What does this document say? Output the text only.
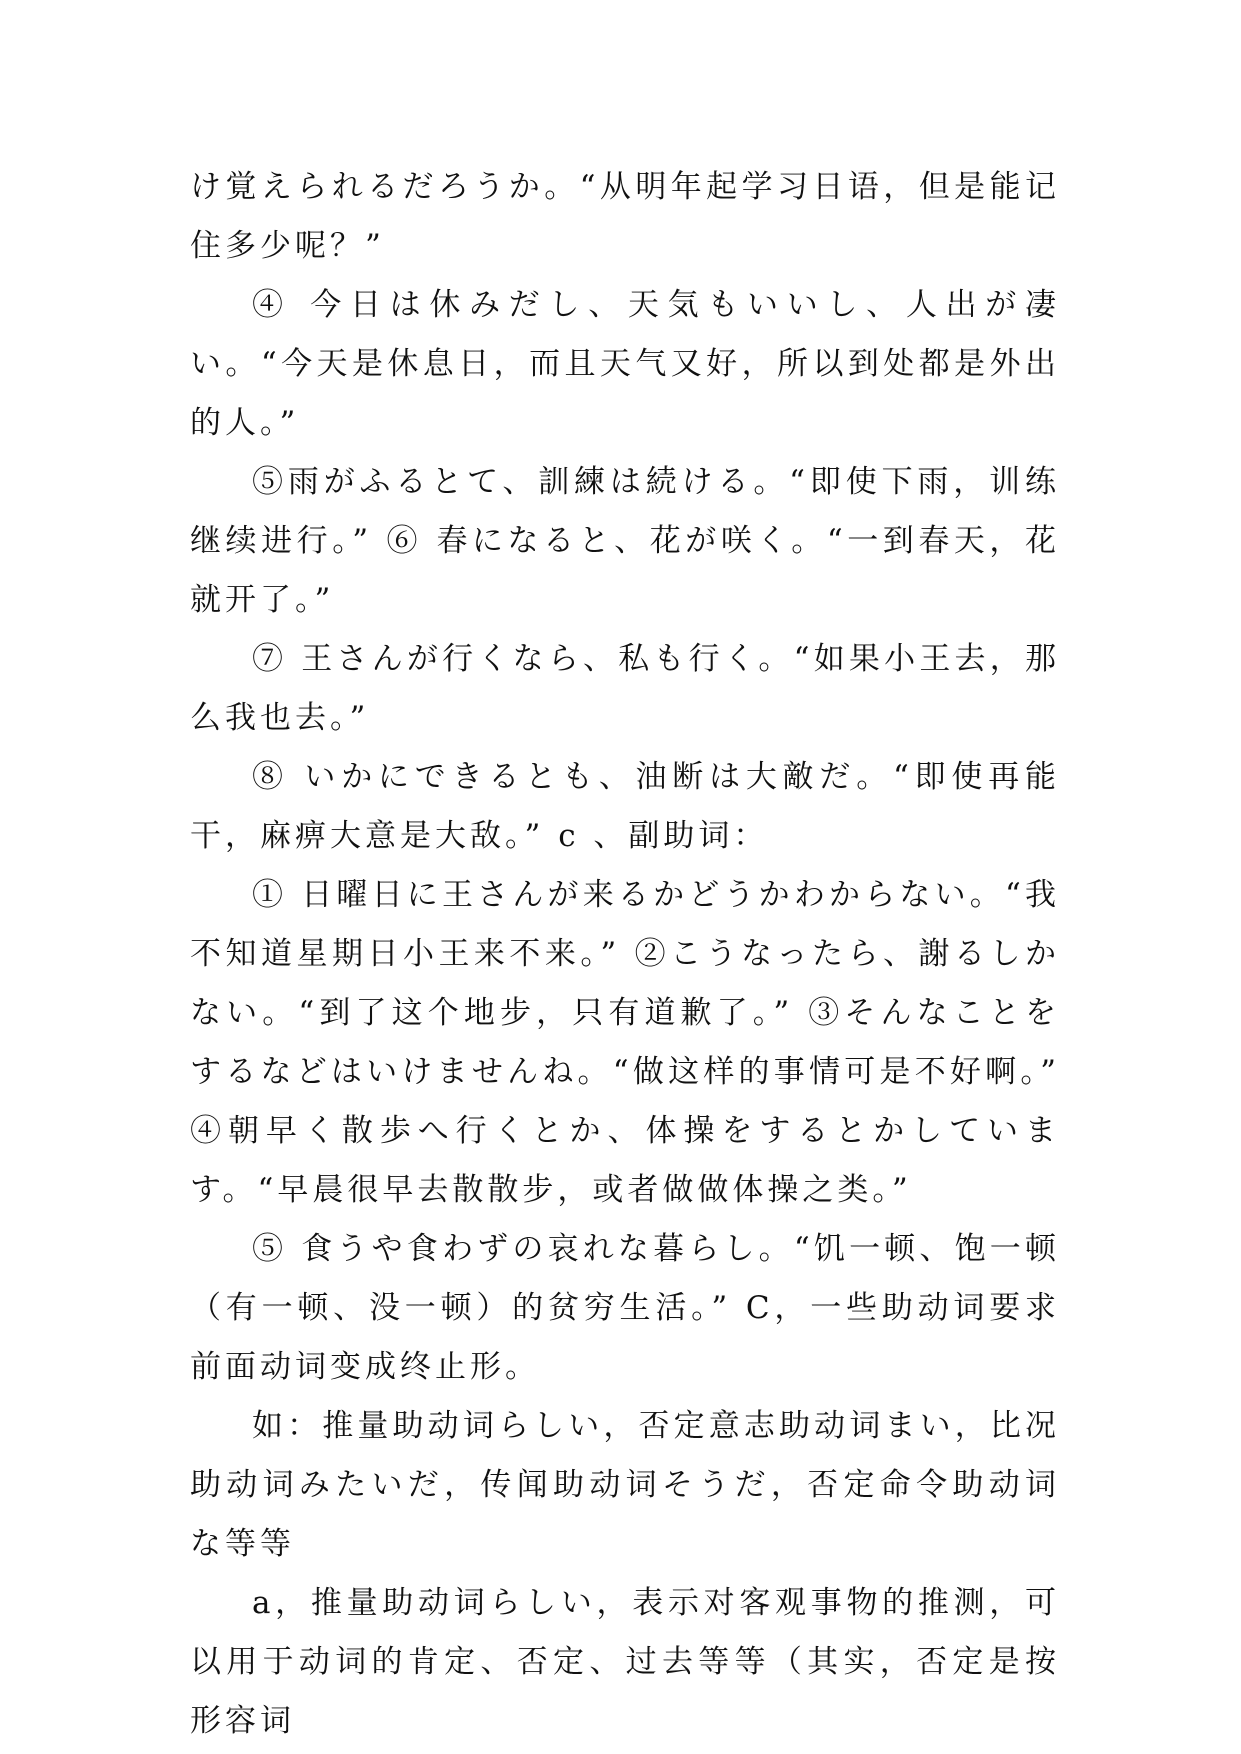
け覚えられるだろうか。“从明年起学习日语，但是能记住多少呢？”

④ 今日は休みだし、天気もいいし、人出が凄い。“今天是休息日，而且天气又好，所以到处都是外出的人。”

⑤雨がふるとて、訓練は続ける。“即使下雨，训练继续进行。” ⑥ 春になると、花が咲く。“一到春天，花就开了。”

⑦ 王さんが行くなら、私も行く。“如果小王去，那么我也去。”

⑧ いかにできるとも、油断は大敵だ。“即使再能干，麻痹大意是大敌。” c 、副助词：

① 日曜日に王さんが来るかどうかわからない。“我不知道星期日小王来不来。” ②こうなったら、謝るしかない。“到了这个地步，只有道歉了。” ③そんなことをするなどはいけませんね。“做这样的事情可是不好啊。” ④朝早く散歩へ行くとか、体操をするとかしています。“早晨很早去散散步，或者做做体操之类。”

⑤ 食うや食わずの哀れな暮らし。“饥一顿、饱一顿（有一顿、没一顿）的贫穷生活。” C，一些助动词要求前面动词变成终止形。

如：推量助动词らしい，否定意志助动词まい，比况助动词みたいだ，传闻助动词そうだ，否定命令助动词な等等

a，推量助动词らしい，表示对客观事物的推测，可以用于动词的肯定、否定、过去等等（其实，否定是按形容词
